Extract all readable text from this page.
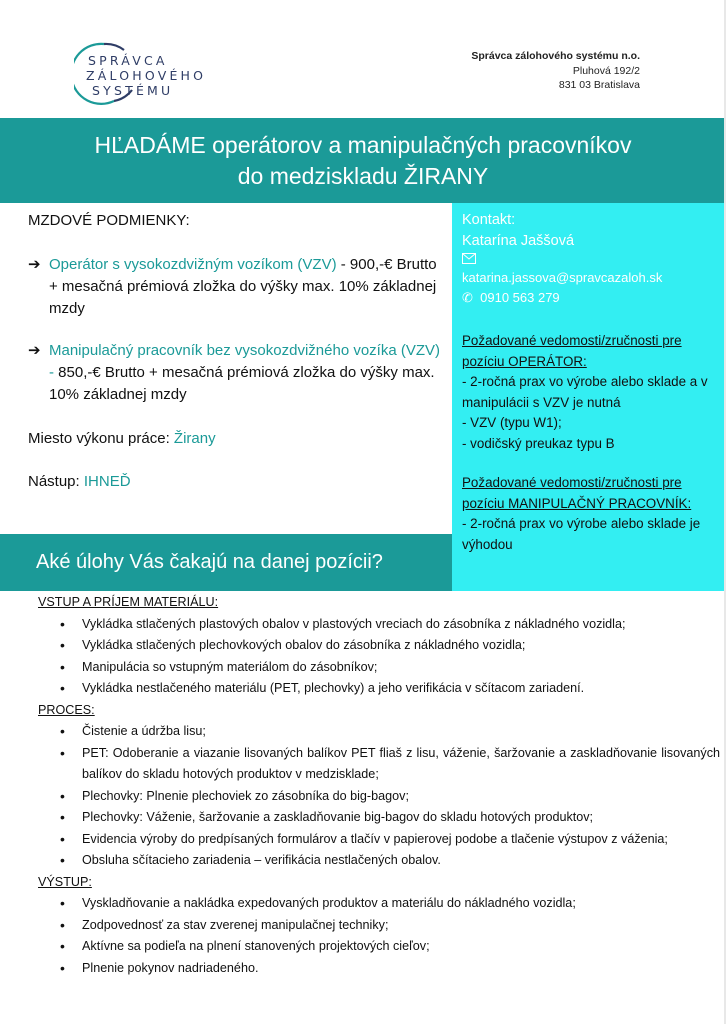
SPRÁVCA
ZÁLOHOVÉHO
SYSTÉMU
Správca zálohového systému n.o.
Pluhová 192/2
831 03 Bratislava
HĽADÁME operátorov a manipulačných pracovníkov
do medziskladu ŽIRANY
MZDOVÉ PODMIENKY:
➔ Operátor s vysokozdvižným vozíkom (VZV) - 900,-€ Brutto + mesačná prémiová zložka do výšky max. 10% základnej mzdy
➔ Manipulačný pracovník bez vysokozdvižného vozíka (VZV) - 850,-€ Brutto + mesačná prémiová zložka do výšky max. 10% základnej mzdy
Miesto výkonu práce: Žirany
Nástup: IHNEĎ
Aké úlohy Vás čakajú na danej pozícii?
Kontakt:
Katarína Jaššová
katarina.jassova@spravcazaloh.sk
✆ 0910 563 279
Požadované vedomosti/zručnosti pre pozíciu OPERÁTOR:
- 2-ročná prax vo výrobe alebo sklade a v manipulácii s VZV je nutná
- VZV (typu W1);
- vodičský preukaz typu B
Požadované vedomosti/zručnosti pre pozíciu MANIPULAČNÝ PRACOVNÍK:
- 2-ročná prax vo výrobe alebo sklade je výhodou
VSTUP A PRÍJEM MATERIÁLU:
• Vykládka stlačených plastových obalov v plastových vreciach do zásobníka z nákladného vozidla;
• Vykládka stlačených plechovkových obalov do zásobníka z nákladného vozidla;
• Manipulácia so vstupným materiálom do zásobníkov;
• Vykládka nestlačeného materiálu (PET, plechovky) a jeho verifikácia v sčítacom zariadení.
PROCES:
• Čistenie a údržba lisu;
• PET: Odoberanie a viazanie lisovaných balíkov PET fliaš z lisu, váženie, šaržovanie a zaskladňovanie lisovaných balíkov do skladu hotových produktov v medzisklade;
• Plechovky: Plnenie plechoviek zo zásobníka do big-bagov;
• Plechovky: Váženie, šaržovanie a zaskladňovanie big-bagov do skladu hotových produktov;
• Evidencia výroby do predpísaných formulárov a tlačív v papierovej podobe a tlačenie výstupov z váženia;
• Obsluha sčítacieho zariadenia – verifikácia nestlačených obalov.
VÝSTUP:
• Vyskladňovanie a nakládka expedovaných produktov a materiálu do nákladného vozidla;
• Zodpovednosť za stav zverenej manipulačnej techniky;
• Aktívne sa podieľa na plnení stanovených projektových cieľov;
• Plnenie pokynov nadriadeného.
